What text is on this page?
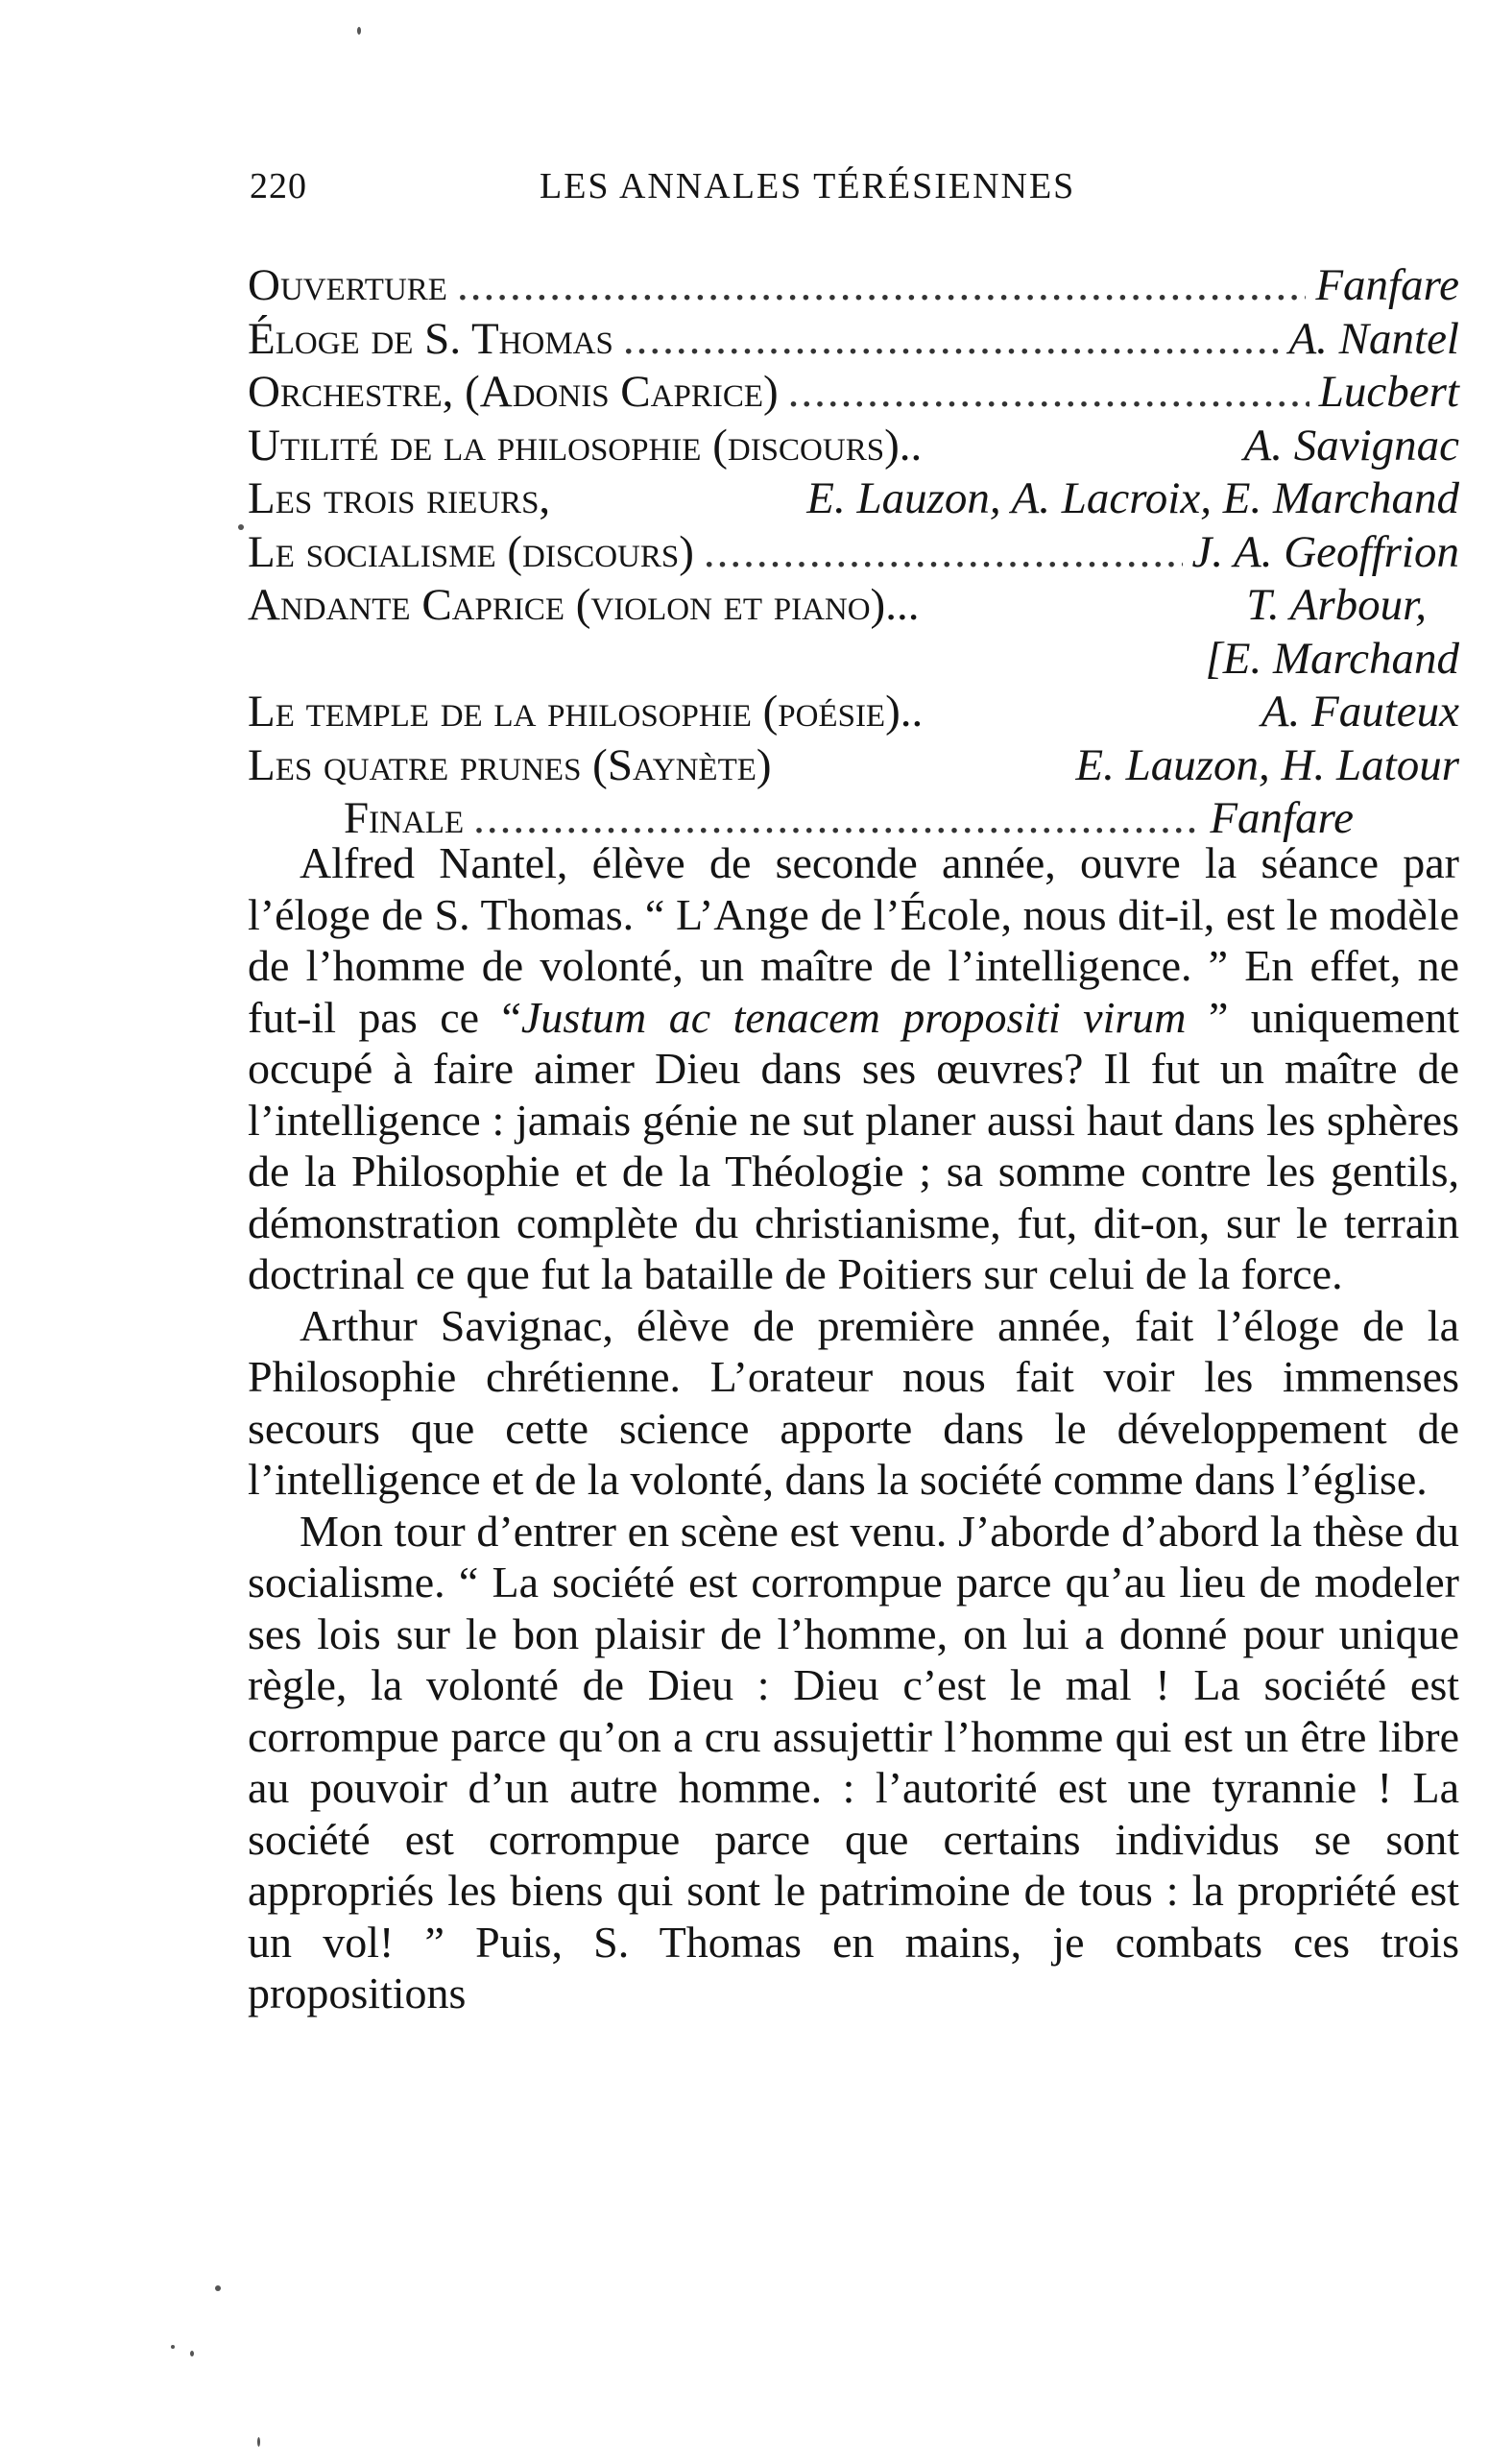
220	LES ANNALES TÉRÉSIENNES
Ouverture .....	Fanfare
Éloge de S. Thomas .....	A. Nantel
Orchestre, (Adonis Caprice) .....	Lucbert
Utilité de la philosophie (discours)..	A. Savignac
Les trois rieurs,	E. Lauzon, A. Lacroix, E. Marchand
Le socialisme (discours) .....	J. A. Geoffrion
Andante Caprice (violon et piano)...	T. Arbour,
[E. Marchand
Le temple de la philosophie (poésie)..	A. Fauteux
Les quatre prunes (Saynète)	E. Lauzon, H. Latour
Finale .....	Fanfare

Alfred Nantel, élève de seconde année, ouvre la séance par l’éloge de S. Thomas. “ L’Ange de l’École, nous dit-il, est le modèle de l’homme de volonté, un maître de l’intelligence. ” En effet, ne fut-il pas ce “Justum ac tenacem propositi virum ” uniquement occupé à faire aimer Dieu dans ses œuvres? Il fut un maître de l’intelligence : jamais génie ne sut planer aussi haut dans les sphères de la Philosophie et de la Théologie ; sa somme contre les gentils, démonstration complète du christianisme, fut, dit-on, sur le terrain doctrinal ce que fut la bataille de Poitiers sur celui de la force.

Arthur Savignac, élève de première année, fait l’éloge de la Philosophie chrétienne. L’orateur nous fait voir les immenses secours que cette science apporte dans le développement de l’intelligence et de la volonté, dans la société comme dans l’église.

Mon tour d’entrer en scène est venu. J’aborde d’abord la thèse du socialisme. “ La société est corrompue parce qu’au lieu de modeler ses lois sur le bon plaisir de l’homme, on lui a donné pour unique règle, la volonté de Dieu : Dieu c’est le mal ! La société est corrompue parce qu’on a cru assujettir l’homme qui est un être libre au pouvoir d’un autre homme. : l’autorité est une tyrannie ! La société est corrompue parce que certains individus se sont appropriés les biens qui sont le patrimoine de tous : la propriété est un vol! ” Puis, S. Thomas en mains, je combats ces trois propositions
